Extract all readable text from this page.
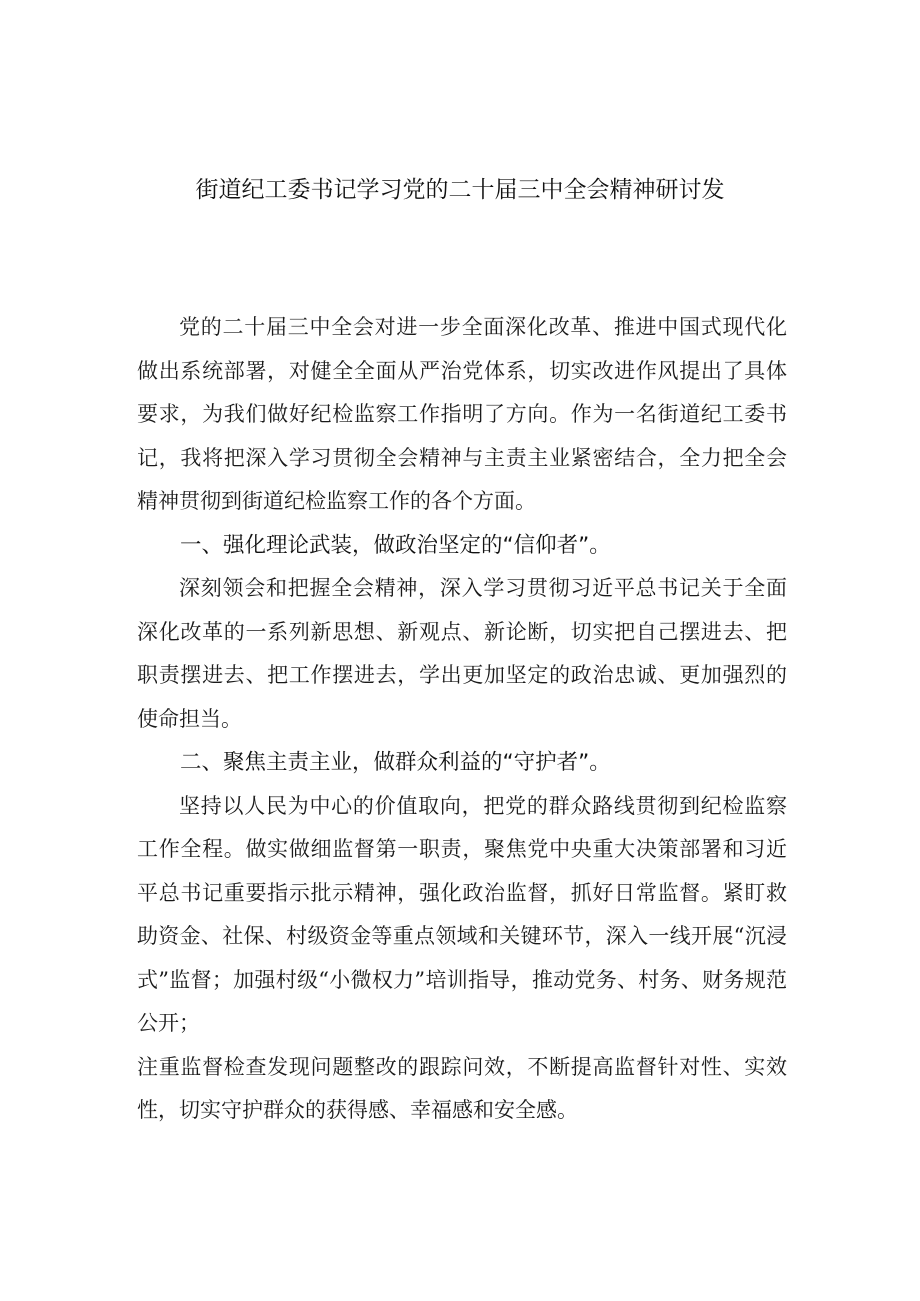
街道纪工委书记学习党的二十届三中全会精神研讨发

党的二十届三中全会对进一步全面深化改革、推进中国式现代化做出系统部署，对健全全面从严治党体系，切实改进作风提出了具体要求，为我们做好纪检监察工作指明了方向。作为一名街道纪工委书记，我将把深入学习贯彻全会精神与主责主业紧密结合，全力把全会精神贯彻到街道纪检监察工作的各个方面。

一、强化理论武装，做政治坚定的“信仰者”。

深刻领会和把握全会精神，深入学习贯彻习近平总书记关于全面深化改革的一系列新思想、新观点、新论断，切实把自己摆进去、把职责摆进去、把工作摆进去，学出更加坚定的政治忠诚、更加强烈的使命担当。

二、聚焦主责主业，做群众利益的“守护者”。

坚持以人民为中心的价值取向，把党的群众路线贯彻到纪检监察工作全程。做实做细监督第一职责，聚焦党中央重大决策部署和习近平总书记重要指示批示精神，强化政治监督，抓好日常监督。紧盯救助资金、社保、村级资金等重点领域和关键环节，深入一线开展“沉浸式”监督；加强村级“小微权力”培训指导，推动党务、村务、财务规范公开；

注重监督检查发现问题整改的跟踪问效，不断提高监督针对性、实效性，切实守护群众的获得感、幸福感和安全感。
